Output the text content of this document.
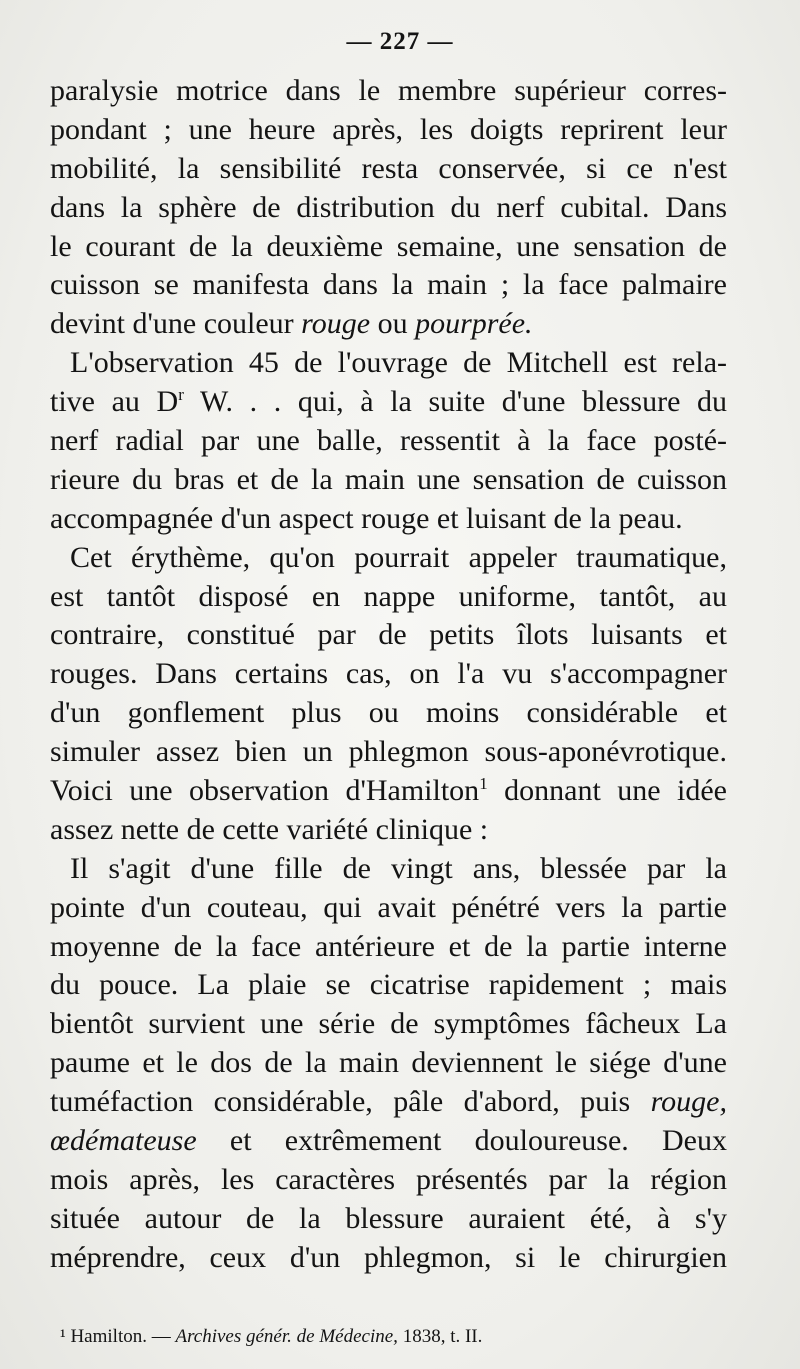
— 227 —
paralysie motrice dans le membre supérieur corres-
pondant ; une heure après, les doigts reprirent leur
mobilité, la sensibilité resta conservée, si ce n'est
dans la sphère de distribution du nerf cubital. Dans
le courant de la deuxième semaine, une sensation de
cuisson se manifesta dans la main ; la face palmaire
devint d'une couleur rouge ou pourprée.
L'observation 45 de l'ouvrage de Mitchell est rela-
tive au $D^r$ W. . . qui, à la suite d'une blessure du
nerf radial par une balle, ressentit à la face posté-
rieure du bras et de la main une sensation de cuisson
accompagnée d'un aspect rouge et luisant de la peau.
Cet érythème, qu'on pourrait appeler traumatique,
est tantôt disposé en nappe uniforme, tantôt, au
contraire, constitué par de petits îlots luisants et
rouges. Dans certains cas, on l'a vu s'accompagner
d'un gonflement plus ou moins considérable et
simuler assez bien un phlegmon sous-aponévrotique.
Voici une observation d'Hamilton$^1$ donnant une idée
assez nette de cette variété clinique :
Il s'agit d'une fille de vingt ans, blessée par la
pointe d'un couteau, qui avait pénétré vers la partie
moyenne de la face antérieure et de la partie interne
du pouce. La plaie se cicatrise rapidement ; mais
bientôt survient une série de symptômes fâcheux La
paume et le dos de la main deviennent le siége d'une
tuméfaction considérable, pâle d'abord, puis rouge,
œdémateuse et extrêmement douloureuse. Deux
mois après, les caractères présentés par la région
située autour de la blessure auraient été, à s'y
méprendre, ceux d'un phlegmon, si le chirurgien
¹ Hamilton. — Archives génér. de Médecine, 1838, t. II.
